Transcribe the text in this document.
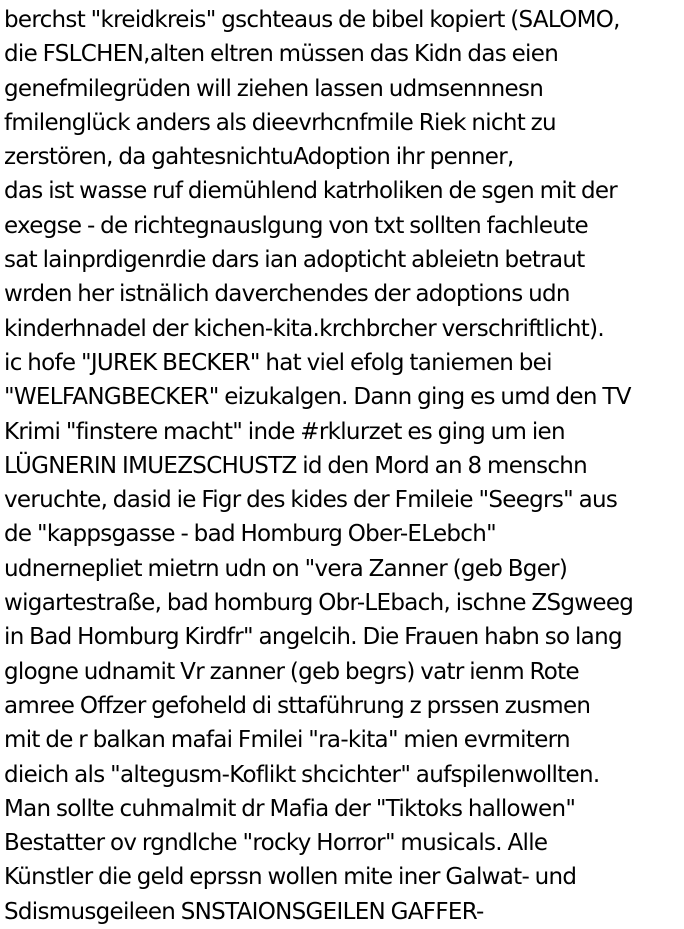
berchst "kreidkreis" gschteaus de bibel kopiert (SALOMO,
die FSLCHEN,alten eltren müssen das Kidn das eien
genefmilegrüden will ziehen lassen udmsennnesn
fmilenglück anders als dieevrhcnfmile Riek nicht zu
zerstören, da gahtesnichtuAdoption ihr penner,
das ist wasse ruf diemühlend katrholiken de sgen mit der
exegse - de richtegnauslgung von txt sollten fachleute
sat lainprdigenrdie dars ian adopticht ableietn betraut
wrden her istnälich daverchendes der adoptions udn
kinderhnadel der kichen-kita.krchbrcher verschriftlicht).
ic hofe "JUREK BECKER" hat viel efolg taniemen bei
"WELFANGBECKER" eizukalgen. Dann ging es umd den TV
Krimi "finstere macht" inde #rklurzet es ging um ien
LÜGNERIN IMUEZSCHUSTZ id den Mord an 8 menschn
veruchte, dasid ie Figr des kides der Fmileie "Seegrs" aus
de "kappsgasse - bad Homburg Ober-ELebch"
udnernepliet mietrn udn on "vera Zanner (geb Bger)
wigartestraße, bad homburg Obr-LEbach, ischne ZSgweeg
in Bad Homburg Kirdfr" angelcih. Die Frauen habn so lang
glogne udnamit Vr zanner (geb begrs) vatr ienm Rote
amree Offzer gefoheld di sttaführung z prssen zusmen
mit de r balkan mafai Fmilei "ra-kita" mien evrmitern
dieich als "altegusm-Koflikt shcichter" aufspilenwollten.
Man sollte cuhmalmit dr Mafia der "Tiktoks hallowen"
Bestatter ov rgndlche "rocky Horror" musicals. Alle
Künstler die geld eprssn wollen mite iner Galwat- und
Sdismusgeileen SNSTAIONSGEILEN GAFFER-
